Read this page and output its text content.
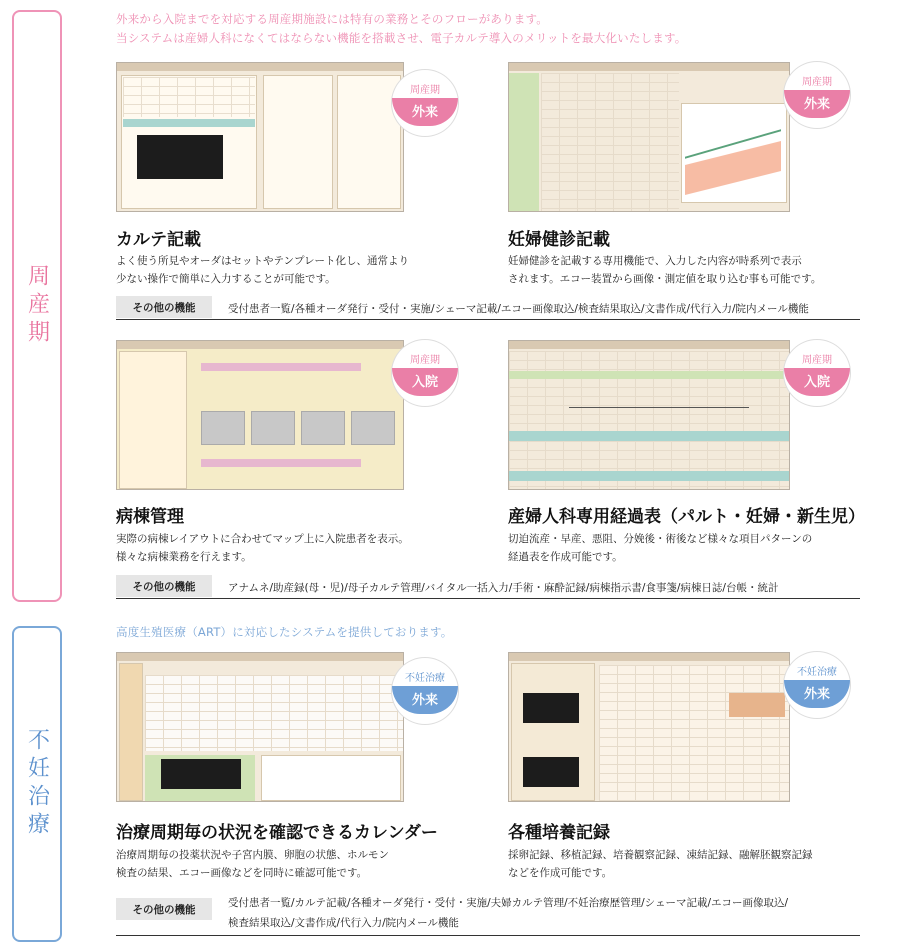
周産期
不妊治療
外来から入院までを対応する周産期施設には特有の業務とそのフローがあります。
当システムは産婦人科になくてはならない機能を搭載させ、電子カルテ導入のメリットを最大化いたします。
周産期
外来
カルテ記載
よく使う所見やオーダはセットやテンプレート化し、通常より
少ない操作で簡単に入力することが可能です。
周産期
外来
妊婦健診記載
妊婦健診を記載する専用機能で、入力した内容が時系列で表示
されます。エコー装置から画像・測定値を取り込む事も可能です。
その他の機能	受付患者一覧/各種オーダ発行・受付・実施/シェーマ記載/エコー画像取込/検査結果取込/文書作成/代行入力/院内メール機能
周産期
入院
病棟管理
実際の病棟レイアウトに合わせてマップ上に入院患者を表示。
様々な病棟業務を行えます。
周産期
入院
産婦人科専用経過表（パルト・妊婦・新生児）
切迫流産・早産、悪阻、分娩後・術後など様々な項目パターンの
経過表を作成可能です。
その他の機能	アナムネ/助産録(母・児)/母子カルテ管理/バイタル一括入力/手術・麻酔記録/病棟指示書/食事箋/病棟日誌/台帳・統計
高度生殖医療（ART）に対応したシステムを提供しております。
不妊治療
外来
治療周期毎の状況を確認できるカレンダー
治療周期毎の投薬状況や子宮内膜、卵胞の状態、ホルモン
検査の結果、エコー画像などを同時に確認可能です。
不妊治療
外来
各種培養記録
採卵記録、移植記録、培養観察記録、凍結記録、融解胚観察記録
などを作成可能です。
その他の機能
受付患者一覧/カルテ記載/各種オーダ発行・受付・実施/夫婦カルテ管理/不妊治療歴管理/シェーマ記載/エコー画像取込/
検査結果取込/文書作成/代行入力/院内メール機能
